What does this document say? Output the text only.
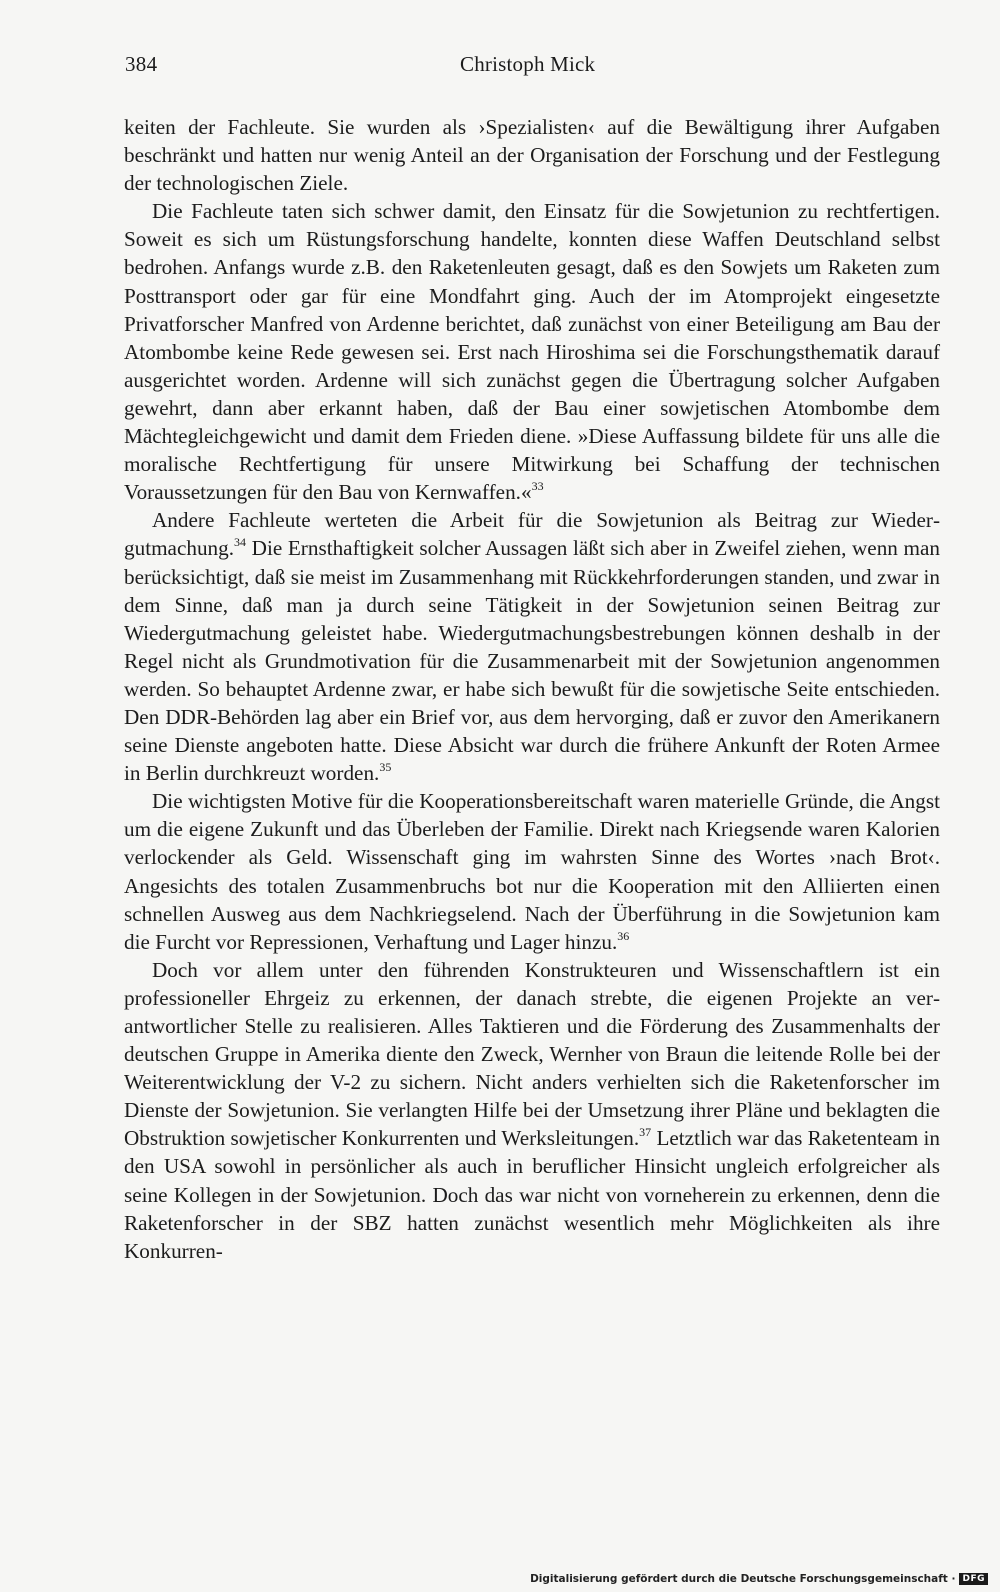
384	Christoph Mick

keiten der Fachleute. Sie wurden als ›Spezialisten‹ auf die Bewältigung ihrer Aufgaben beschränkt und hatten nur wenig Anteil an der Organisation der Forschung und der Festlegung der technologischen Ziele.

Die Fachleute taten sich schwer damit, den Einsatz für die Sowjetunion zu rechtfertigen. Soweit es sich um Rüstungsforschung handelte, konnten diese Waffen Deutschland selbst bedrohen. Anfangs wurde z.B. den Raketenleuten gesagt, daß es den Sowjets um Raketen zum Posttransport oder gar für eine Mondfahrt ging. Auch der im Atomprojekt eingesetzte Privatforscher Manfred von Ardenne berichtet, daß zunächst von einer Beteiligung am Bau der Atombombe keine Rede gewesen sei. Erst nach Hiroshima sei die Forschungsthematik darauf ausgerichtet worden. Ardenne will sich zunächst gegen die Übertragung solcher Aufgaben gewehrt, dann aber erkannt haben, daß der Bau einer sowjetischen Atombombe dem Mächtegleichgewicht und damit dem Frieden diene. »Diese Auffassung bildete für uns alle die moralische Rechtfertigung für unsere Mitwirkung bei Schaffung der technischen Voraussetzungen für den Bau von Kernwaffen.«$^{33}$

Andere Fachleute werteten die Arbeit für die Sowjetunion als Beitrag zur Wiedergutmachung.$^{34}$ Die Ernsthaftigkeit solcher Aussagen läßt sich aber in Zweifel ziehen, wenn man berücksichtigt, daß sie meist im Zusammenhang mit Rückkehrforderungen standen, und zwar in dem Sinne, daß man ja durch seine Tätigkeit in der Sowjetunion seinen Beitrag zur Wiedergutmachung geleistet habe. Wiedergutmachungsbestrebungen können deshalb in der Regel nicht als Grundmotivation für die Zusammenarbeit mit der Sowjetunion angenommen werden. So behauptet Ardenne zwar, er habe sich bewußt für die sowjetische Seite entschieden. Den DDR-Behörden lag aber ein Brief vor, aus dem hervorging, daß er zuvor den Amerikanern seine Dienste angeboten hatte. Diese Absicht war durch die frühere Ankunft der Roten Armee in Berlin durchkreuzt worden.$^{35}$

Die wichtigsten Motive für die Kooperationsbereitschaft waren materielle Gründe, die Angst um die eigene Zukunft und das Überleben der Familie. Direkt nach Kriegsende waren Kalorien verlockender als Geld. Wissenschaft ging im wahrsten Sinne des Wortes ›nach Brot‹. Angesichts des totalen Zusammenbruchs bot nur die Kooperation mit den Alliierten einen schnellen Ausweg aus dem Nachkriegselend. Nach der Überführung in die Sowjetunion kam die Furcht vor Repressionen, Verhaftung und Lager hinzu.$^{36}$

Doch vor allem unter den führenden Konstrukteuren und Wissenschaftlern ist ein professioneller Ehrgeiz zu erkennen, der danach strebte, die eigenen Projekte an verantwortlicher Stelle zu realisieren. Alles Taktieren und die Förderung des Zusammenhalts der deutschen Gruppe in Amerika diente den Zweck, Wernher von Braun die leitende Rolle bei der Weiterentwicklung der V-2 zu sichern. Nicht anders verhielten sich die Raketenforscher im Dienste der Sowjetunion. Sie verlangten Hilfe bei der Umsetzung ihrer Pläne und beklagten die Obstruktion sowjetischer Konkurrenten und Werksleitungen.$^{37}$ Letztlich war das Raketenteam in den USA sowohl in persönlicher als auch in beruflicher Hinsicht ungleich erfolgreicher als seine Kollegen in der Sowjetunion. Doch das war nicht von vorneherein zu erkennen, denn die Raketenforscher in der SBZ hatten zunächst wesentlich mehr Möglichkeiten als ihre Konkurren-

Digitalisierung gefördert durch die Deutsche Forschungsgemeinschaft · DFG
